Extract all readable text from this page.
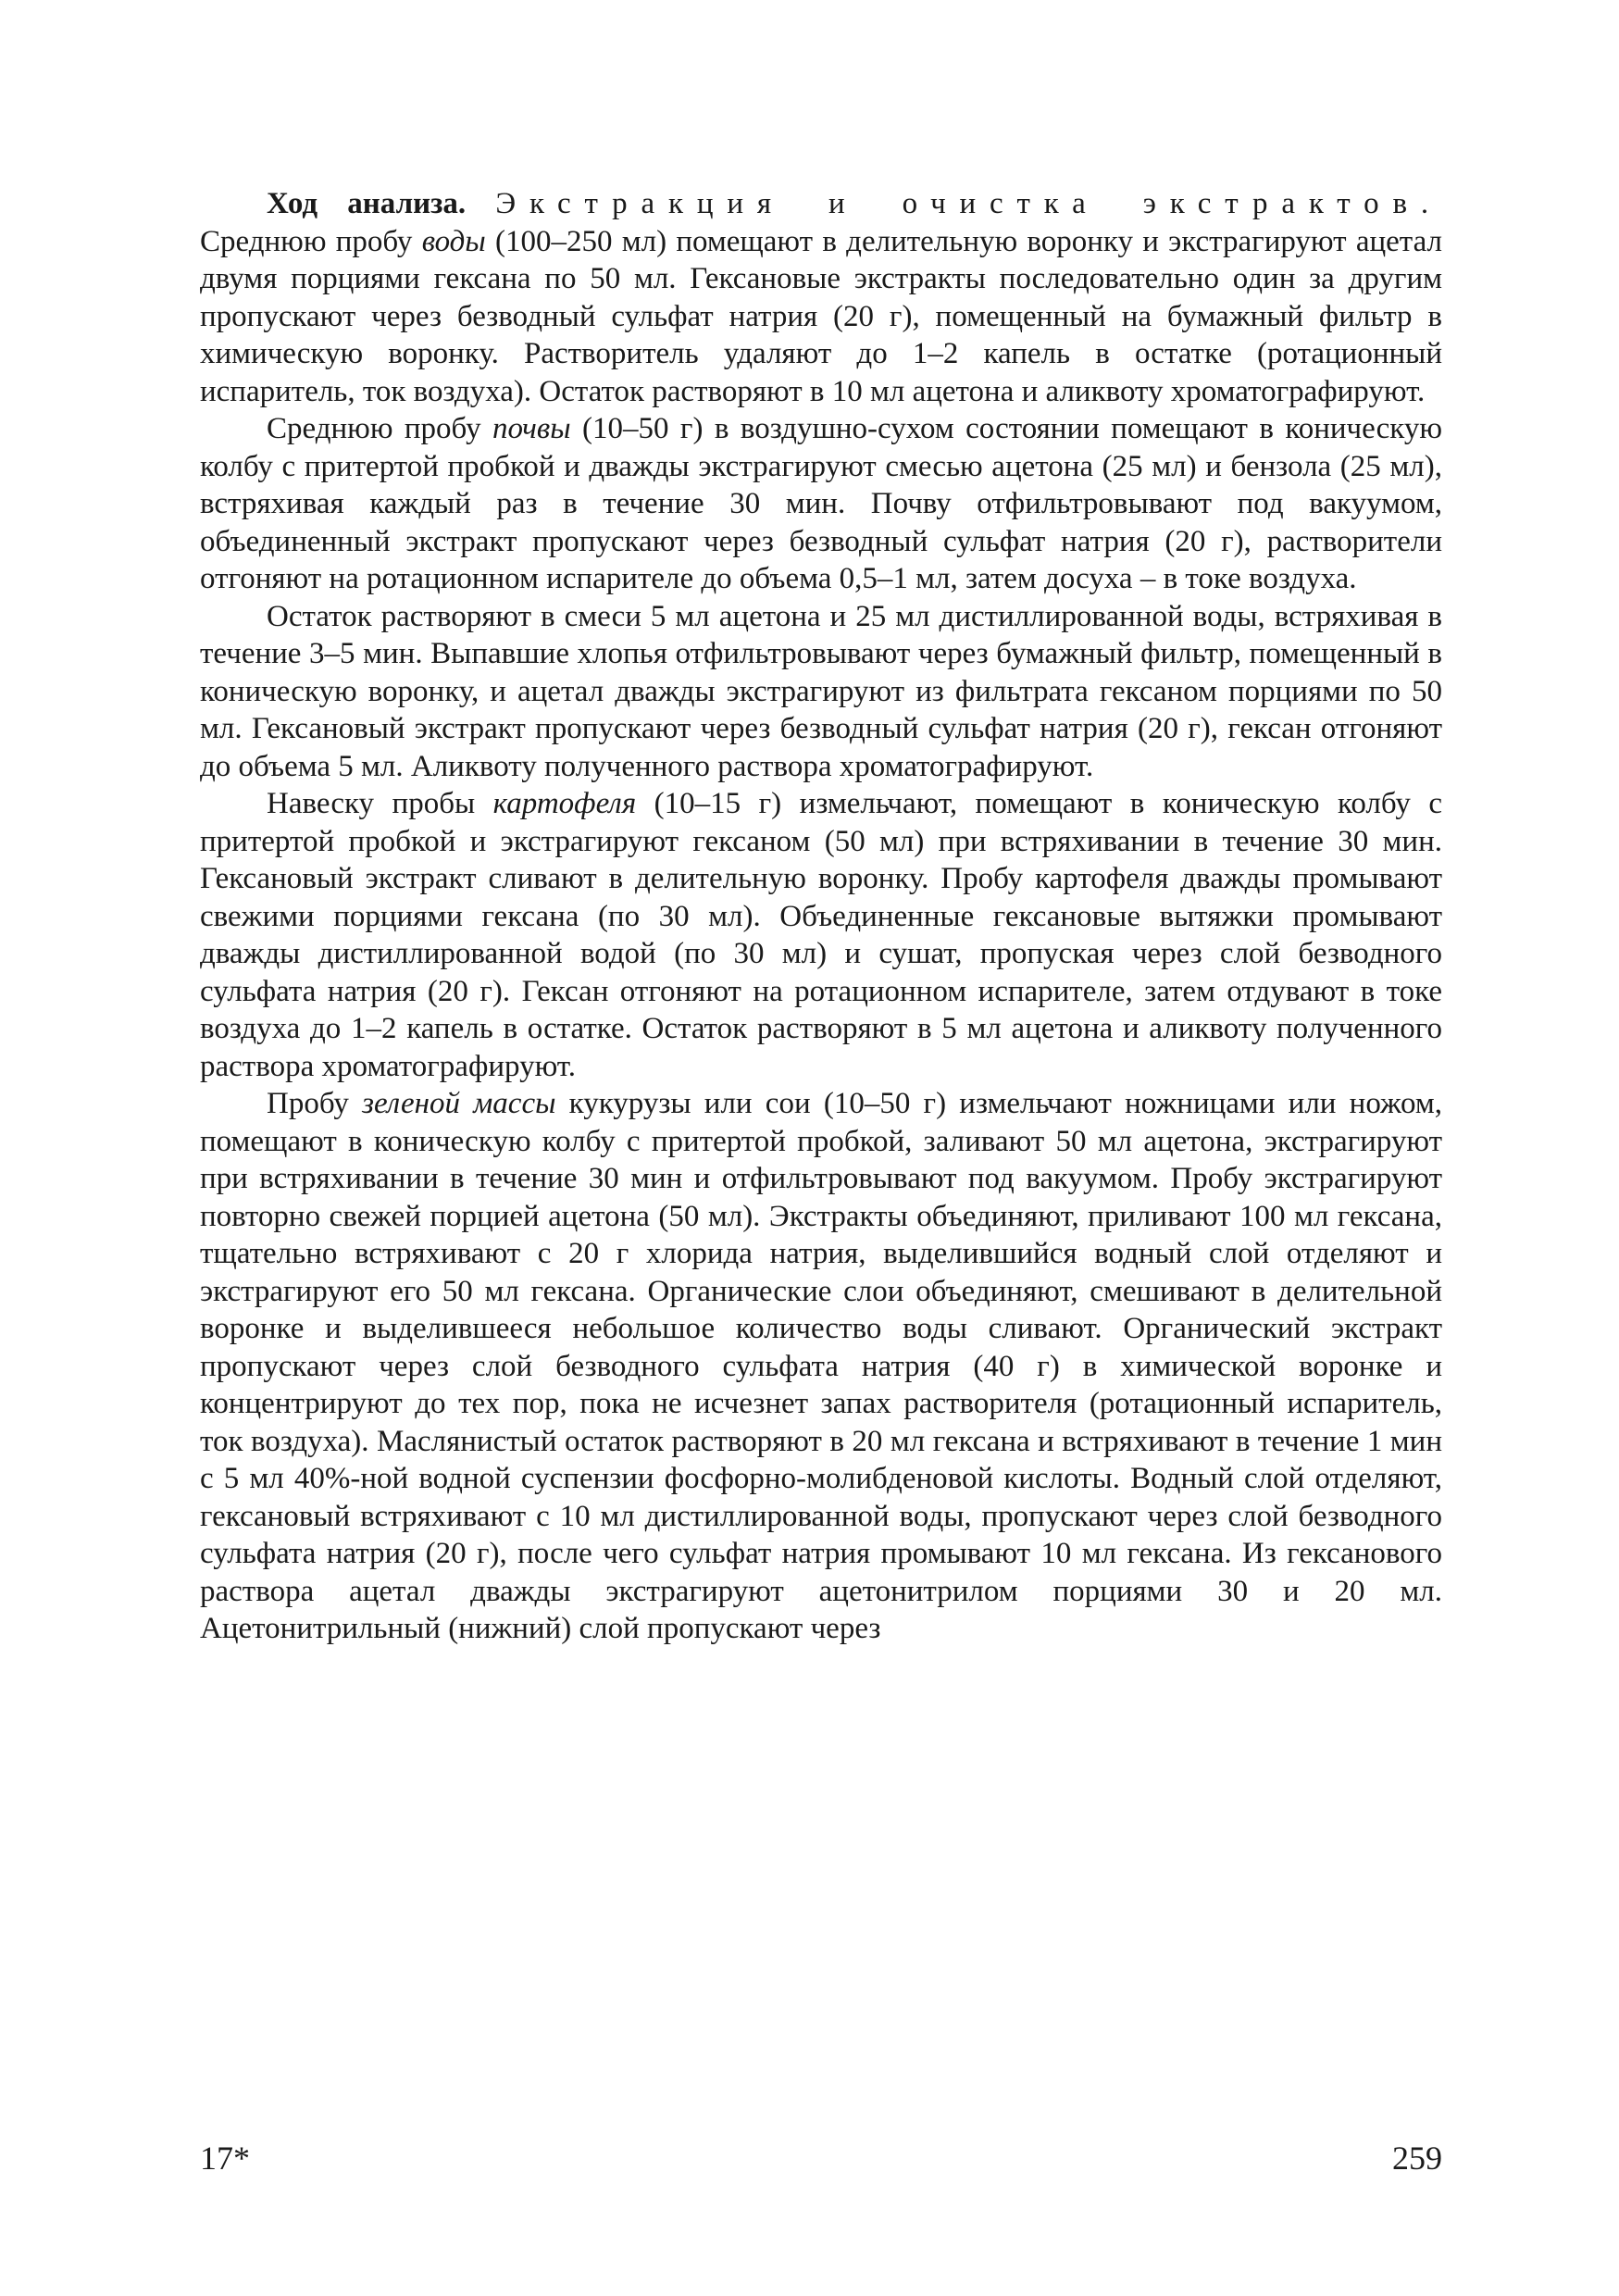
Ход анализа. Экстракция и очистка экстрактов. Среднюю пробу воды (100–250 мл) помещают в делительную воронку и экстрагируют ацетал двумя порциями гексана по 50 мл. Гексановые экстракты последовательно один за другим пропускают через безводный сульфат натрия (20 г), помещенный на бумажный фильтр в химическую воронку. Растворитель удаляют до 1–2 капель в остатке (ротационный испаритель, ток воздуха). Остаток растворяют в 10 мл ацетона и аликвоту хроматографируют.

Среднюю пробу почвы (10–50 г) в воздушно-сухом состоянии помещают в коническую колбу с притертой пробкой и дважды экстрагируют смесью ацетона (25 мл) и бензола (25 мл), встряхивая каждый раз в течение 30 мин. Почву отфильтровывают под вакуумом, объединенный экстракт пропускают через безводный сульфат натрия (20 г), растворители отгоняют на ротационном испарителе до объема 0,5–1 мл, затем досуха – в токе воздуха.

Остаток растворяют в смеси 5 мл ацетона и 25 мл дистиллированной воды, встряхивая в течение 3–5 мин. Выпавшие хлопья отфильтровывают через бумажный фильтр, помещенный в коническую воронку, и ацетал дважды экстрагируют из фильтрата гексаном порциями по 50 мл. Гексановый экстракт пропускают через безводный сульфат натрия (20 г), гексан отгоняют до объема 5 мл. Аликвоту полученного раствора хроматографируют.

Навеску пробы картофеля (10–15 г) измельчают, помещают в коническую колбу с притертой пробкой и экстрагируют гексаном (50 мл) при встряхивании в течение 30 мин. Гексановый экстракт сливают в делительную воронку. Пробу картофеля дважды промывают свежими порциями гексана (по 30 мл). Объединенные гексановые вытяжки промывают дважды дистиллированной водой (по 30 мл) и сушат, пропуская через слой безводного сульфата натрия (20 г). Гексан отгоняют на ротационном испарителе, затем отдувают в токе воздуха до 1–2 капель в остатке. Остаток растворяют в 5 мл ацетона и аликвоту полученного раствора хроматографируют.

Пробу зеленой массы кукурузы или сои (10–50 г) измельчают ножницами или ножом, помещают в коническую колбу с притертой пробкой, заливают 50 мл ацетона, экстрагируют при встряхивании в течение 30 мин и отфильтровывают под вакуумом. Пробу экстрагируют повторно свежей порцией ацетона (50 мл). Экстракты объединяют, приливают 100 мл гексана, тщательно встряхивают с 20 г хлорида натрия, выделившийся водный слой отделяют и экстрагируют его 50 мл гексана. Органические слои объединяют, смешивают в делительной воронке и выделившееся небольшое количество воды сливают. Органический экстракт пропускают через слой безводного сульфата натрия (40 г) в химической воронке и концентрируют до тех пор, пока не исчезнет запах растворителя (ротационный испаритель, ток воздуха). Маслянистый остаток растворяют в 20 мл гексана и встряхивают в течение 1 мин с 5 мл 40%-ной водной суспензии фосфорно-молибденовой кислоты. Водный слой отделяют, гексановый встряхивают с 10 мл дистиллированной воды, пропускают через слой безводного сульфата натрия (20 г), после чего сульфат натрия промывают 10 мл гексана. Из гексанового раствора ацетал дважды экстрагируют ацетонитрилом порциями 30 и 20 мл. Ацетонитрильный (нижний) слой пропускают через

17*	259
